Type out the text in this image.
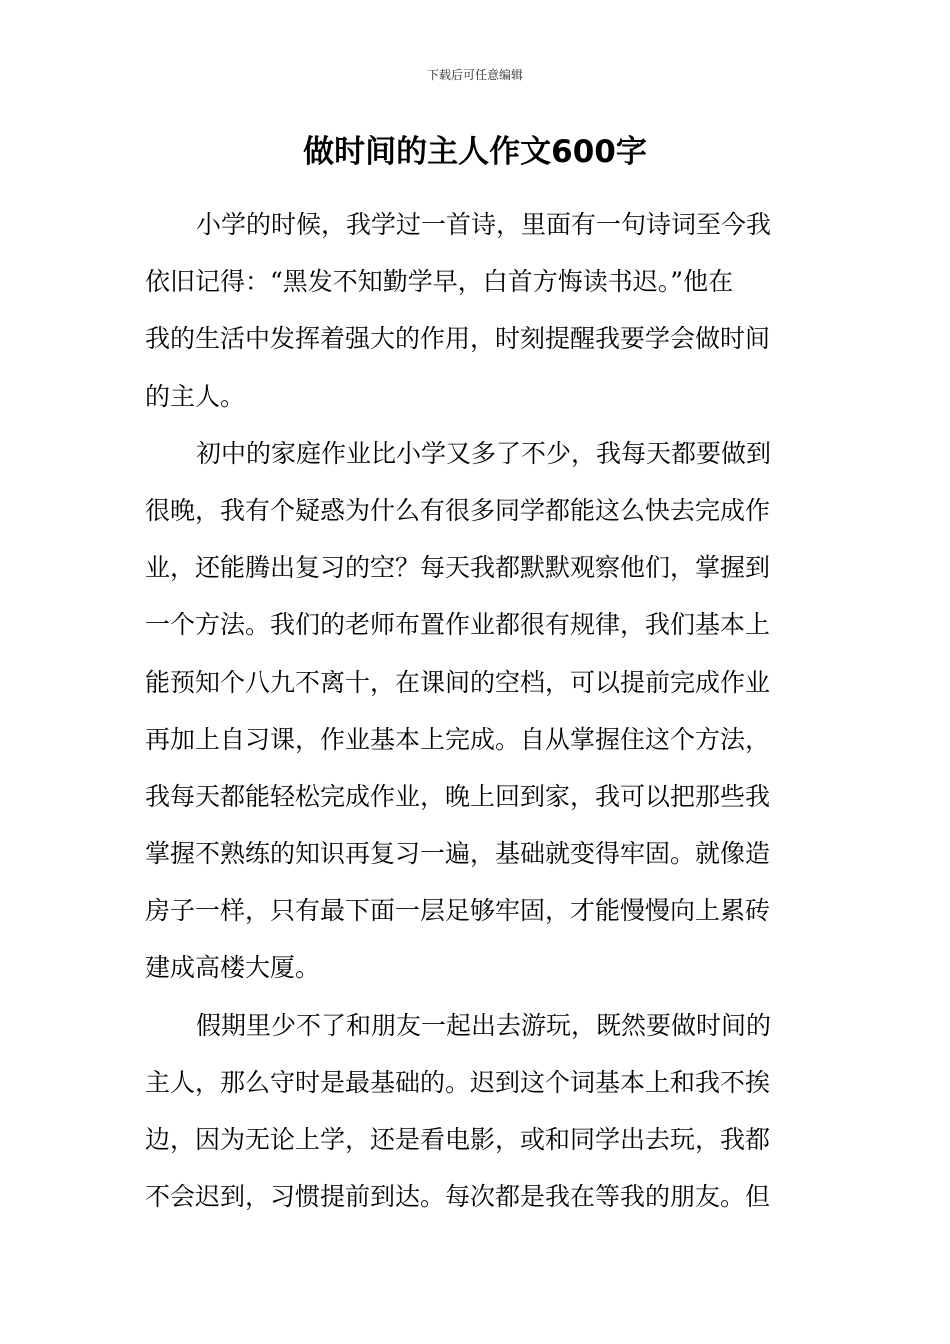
下载后可任意编辑
做时间的主人作文600字
小学的时候，我学过一首诗，里面有一句诗词至今我
依旧记得：“黑发不知勤学早，白首方悔读书迟。”他在
我的生活中发挥着强大的作用，时刻提醒我要学会做时间
的主人。
初中的家庭作业比小学又多了不少，我每天都要做到
很晚，我有个疑惑为什么有很多同学都能这么快去完成作
业，还能腾出复习的空？每天我都默默观察他们，掌握到
一个方法。我们的老师布置作业都很有规律，我们基本上
能预知个八九不离十，在课间的空档，可以提前完成作业
再加上自习课，作业基本上完成。自从掌握住这个方法，
我每天都能轻松完成作业，晚上回到家，我可以把那些我
掌握不熟练的知识再复习一遍，基础就变得牢固。就像造
房子一样，只有最下面一层足够牢固，才能慢慢向上累砖
建成高楼大厦。
假期里少不了和朋友一起出去游玩，既然要做时间的
主人，那么守时是最基础的。迟到这个词基本上和我不挨
边，因为无论上学，还是看电影，或和同学出去玩，我都
不会迟到，习惯提前到达。每次都是我在等我的朋友。但
